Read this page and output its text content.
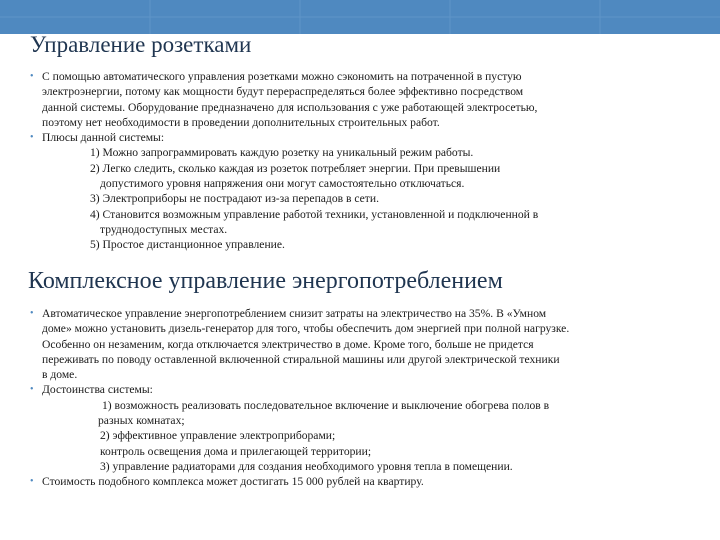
Управление розетками
• С помощью автоматического управления розетками можно сэкономить на потраченной в пустую
электроэнергии, потому как мощности будут перераспределяться более эффективно посредством
данной системы. Оборудование предназначено для использования с уже работающей электросетью,
поэтому нет необходимости в проведении дополнительных строительных работ.
• Плюсы данной системы:
1) Можно запрограммировать каждую розетку на уникальный режим работы.
2) Легко следить, сколько каждая из розеток потребляет энергии. При превышении
допустимого уровня напряжения они могут самостоятельно отключаться.
3) Электроприборы не пострадают из-за перепадов в сети.
4) Становится возможным управление работой техники, установленной и подключенной в
труднодоступных местах.
5) Простое дистанционное управление.
Комплексное управление энергопотреблением
• Автоматическое управление энергопотреблением снизит затраты на электричество на 35%. В «Умном
доме» можно установить дизель-генератор для того, чтобы обеспечить дом энергией при полной нагрузке.
Особенно он незаменим, когда отключается электричество в доме. Кроме того, больше не придется
переживать по поводу оставленной включенной стиральной машины или другой электрической техники
в доме.
• Достоинства системы:
1) возможность реализовать последовательное включение и выключение обогрева полов в
разных комнатах;
2) эффективное управление электроприборами;
контроль освещения дома и прилегающей территории;
3) управление радиаторами для создания необходимого уровня тепла в помещении.
• Стоимость подобного комплекса может достигать 15 000 рублей на квартиру.
